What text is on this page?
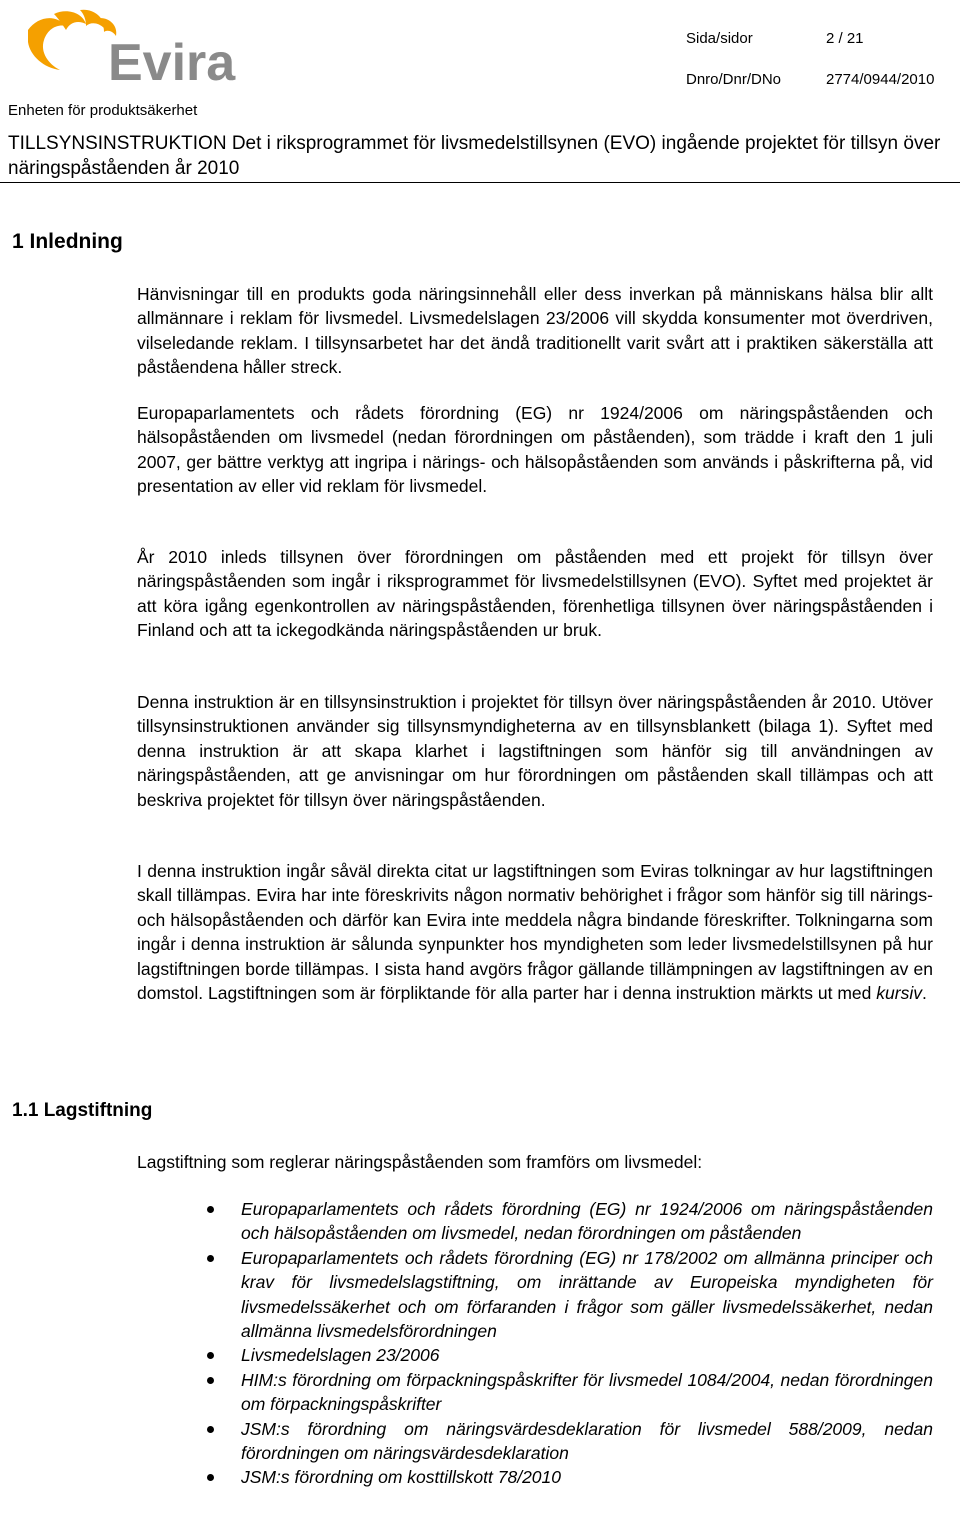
Evira	Sida/sidor	2 / 21
Dnro/Dnr/DNo	2774/0944/2010
Enheten för produktsäkerhet
TILLSYNSINSTRUKTION Det i riksprogrammet för livsmedelstillsynen (EVO) ingående projektet för tillsyn över näringspåståenden år 2010
1 Inledning

Hänvisningar till en produkts goda näringsinnehåll eller dess inverkan på människans hälsa blir allt allmännare i reklam för livsmedel. Livsmedelslagen 23/2006 vill skydda konsumenter mot överdriven, vilseledande reklam. I tillsynsarbetet har det ändå traditionellt varit svårt att i praktiken säkerställa att påståendena håller streck.

Europaparlamentets och rådets förordning (EG) nr 1924/2006 om näringspåståenden och hälsopåståenden om livsmedel (nedan förordningen om påståenden), som trädde i kraft den 1 juli 2007, ger bättre verktyg att ingripa i närings- och hälsopåståenden som används i påskrifterna på, vid presentation av eller vid reklam för livsmedel.

År 2010 inleds tillsynen över förordningen om påståenden med ett projekt för tillsyn över näringspåståenden som ingår i riksprogrammet för livsmedelstillsynen (EVO). Syftet med projektet är att köra igång egenkontrollen av näringspåståenden, förenhetliga tillsynen över näringspåståenden i Finland och att ta ickegodkända näringspåståenden ur bruk.

Denna instruktion är en tillsynsinstruktion i projektet för tillsyn över näringspåståenden år 2010. Utöver tillsynsinstruktionen använder sig tillsynsmyndigheterna av en tillsynsblankett (bilaga 1). Syftet med denna instruktion är att skapa klarhet i lagstiftningen som hänför sig till användningen av näringspåståenden, att ge anvisningar om hur förordningen om påståenden skall tillämpas och att beskriva projektet för tillsyn över näringspåståenden.

I denna instruktion ingår såväl direkta citat ur lagstiftningen som Eviras tolkningar av hur lagstiftningen skall tillämpas. Evira har inte föreskrivits någon normativ behörighet i frågor som hänför sig till närings- och hälsopåståenden och därför kan Evira inte meddela några bindande föreskrifter. Tolkningarna som ingår i denna instruktion är sålunda synpunkter hos myndigheten som leder livsmedelstillsynen på hur lagstiftningen borde tillämpas. I sista hand avgörs frågor gällande tillämpningen av lagstiftningen av en domstol. Lagstiftningen som är förpliktande för alla parter har i denna instruktion märkts ut med kursiv.

1.1 Lagstiftning

Lagstiftning som reglerar näringspåståenden som framförs om livsmedel:

Europaparlamentets och rådets förordning (EG) nr 1924/2006 om näringspåståenden och hälsopåståenden om livsmedel, nedan förordningen om påståenden
Europaparlamentets och rådets förordning (EG) nr 178/2002 om allmänna principer och krav för livsmedelslagstiftning, om inrättande av Europeiska myndigheten för livsmedelssäkerhet och om förfaranden i frågor som gäller livsmedelssäkerhet, nedan allmänna livsmedelsförordningen
Livsmedelslagen 23/2006
HIM:s förordning om förpackningspåskrifter för livsmedel 1084/2004, nedan förordningen om förpackningspåskrifter
JSM:s förordning om näringsvärdesdeklaration för livsmedel 588/2009, nedan förordningen om näringsvärdesdeklaration
JSM:s förordning om kosttillskott 78/2010
